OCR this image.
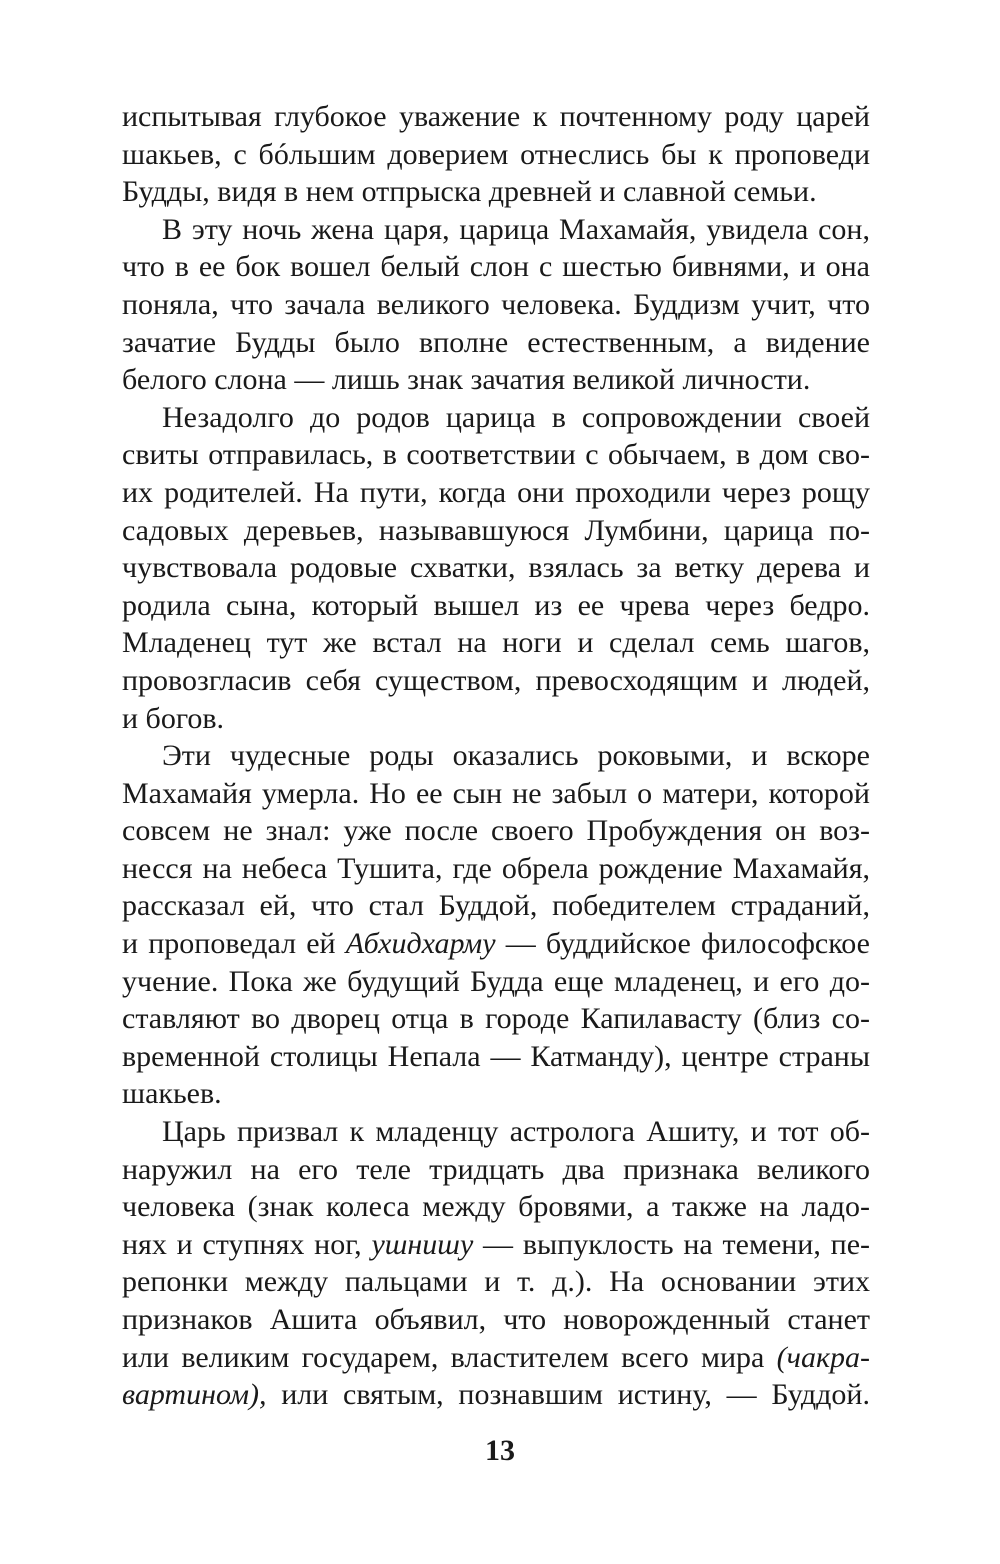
испытывая глубокое уважение к почтенному роду царей
шакьев, с бóльшим доверием отнеслись бы к проповеди
Будды, видя в нем отпрыска древней и славной семьи.
В эту ночь жена царя, царица Махамайя, увидела сон,
что в ее бок вошел белый слон с шестью бивнями, и она
поняла, что зачала великого человека. Буддизм учит, что
зачатие Будды было вполне естественным, а видение
белого слона — лишь знак зачатия великой личности.
Незадолго до родов царица в сопровождении своей
свиты отправилась, в соответствии с обычаем, в дом сво-
их родителей. На пути, когда они проходили через рощу
садовых деревьев, называвшуюся Лумбини, царица по-
чувствовала родовые схватки, взялась за ветку дерева и
родила сына, который вышел из ее чрева через бедро.
Младенец тут же встал на ноги и сделал семь шагов,
провозгласив себя существом, превосходящим и людей,
и богов.
Эти чудесные роды оказались роковыми, и вскоре
Махамайя умерла. Но ее сын не забыл о матери, которой
совсем не знал: уже после своего Пробуждения он воз-
несся на небеса Тушита, где обрела рождение Махамайя,
рассказал ей, что стал Буддой, победителем страданий,
и проповедал ей Абхидхарму — буддийское философское
учение. Пока же будущий Будда еще младенец, и его до-
ставляют во дворец отца в городе Капилавасту (близ со-
временной столицы Непала — Катманду), центре страны
шакьев.
Царь призвал к младенцу астролога Ашиту, и тот об-
наружил на его теле тридцать два признака великого
человека (знак колеса между бровями, а также на ладо-
нях и ступнях ног, ушнишу — выпуклость на темени, пе-
репонки между пальцами и т. д.). На основании этих
признаков Ашита объявил, что новорожденный станет
или великим государем, властителем всего мира (чакра-
вартином), или святым, познавшим истину, — Буддой.
13
